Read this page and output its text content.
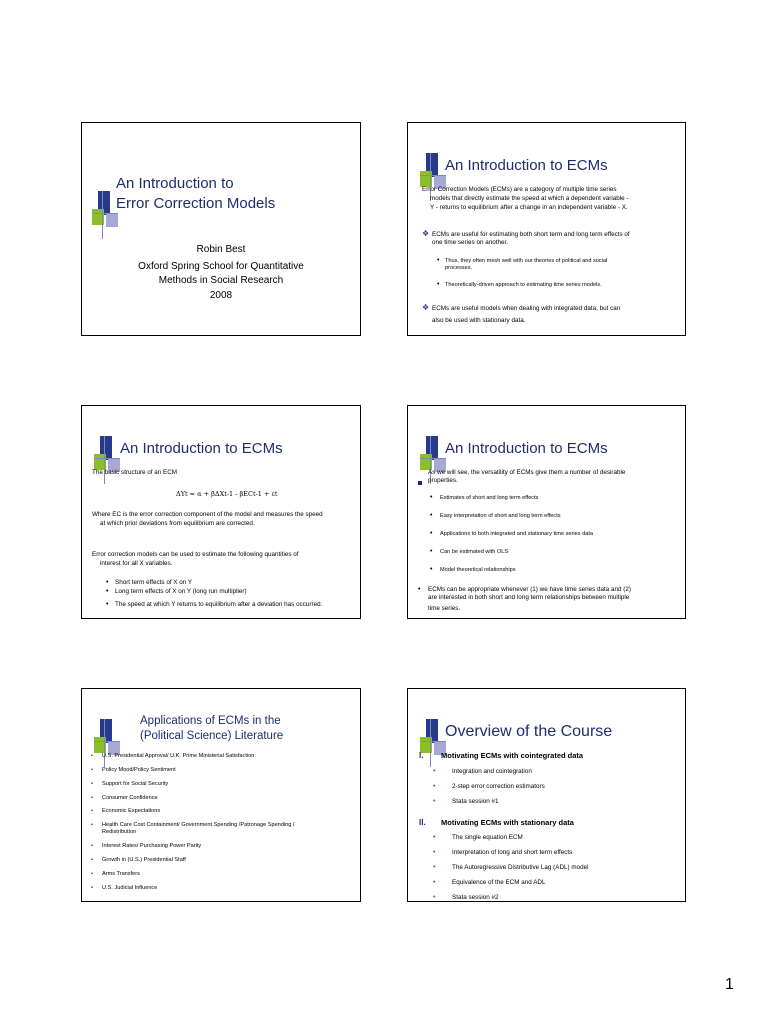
An Introduction to
Error Correction Models
Robin Best
Oxford Spring School for Quantitative
Methods in Social Research
2008
An Introduction to ECMs
Error Correction Models (ECMs) are a category of multiple time series
models that directly estimate the speed at which a dependent variable -
Y - returns to equilibrium after a change in an independent variable - X.
❖ ECMs are useful for estimating both short term and long term effects of
one time series on another.
• Thus, they often mesh well with our theories of political and social
processes.
• Theoretically-driven approach to estimating time series models.
❖ ECMs are useful models when dealing with integrated data, but can
also be used with stationary data.
An Introduction to ECMs
The basic structure of an ECM
ΔYt = α + βΔXt-1 - βECt-1 + εt
Where EC is the error correction component of the model and measures the speed
at which prior deviations from equilibrium are corrected.
Error correction models can be used to estimate the following quantities of
interest for all X variables.
• Short term effects of X on Y
• Long term effects of X on Y (long run multiplier)
• The speed at which Y returns to equilibrium after a deviation has occurred.
An Introduction to ECMs
As we will see, the versatility of ECMs give them a number of desirable
properties.
• Estimates of short and long term effects
• Easy interpretation of short and long term effects
• Applications to both integrated and stationary time series data
• Can be estimated with OLS
• Model theoretical relationships
• ECMs can be appropriate whenever (1) we have time series data and (2)
are interested in both short and long term relationships between multiple
time series.
Applications of ECMs in the
(Political Science) Literature
• U.S. Presidential Approval/ U.K. Prime Ministerial Satisfaction
• Policy Mood/Policy Sentiment
• Support for Social Security
• Consumer Confidence
• Economic Expectations
• Health Care Cost Containment/ Government Spending /Patronage Spending /
Redistribution
• Interest Rates/ Purchasing Power Parity
• Growth in (U.S.) Presidential Staff
• Arms Transfers
• U.S. Judicial Influence
Overview of the Course
I. Motivating ECMs with cointegrated data
•	Integration and cointegration
•	2-step error correction estimators
•	Stata session #1
II. Motivating ECMs with stationary data
•	The single equation ECM
•	Interpretation of long and short term effects
•	The Autoregressive Distributive Lag (ADL) model
•	Equivalence of the ECM and ADL
•	Stata session #2
1
